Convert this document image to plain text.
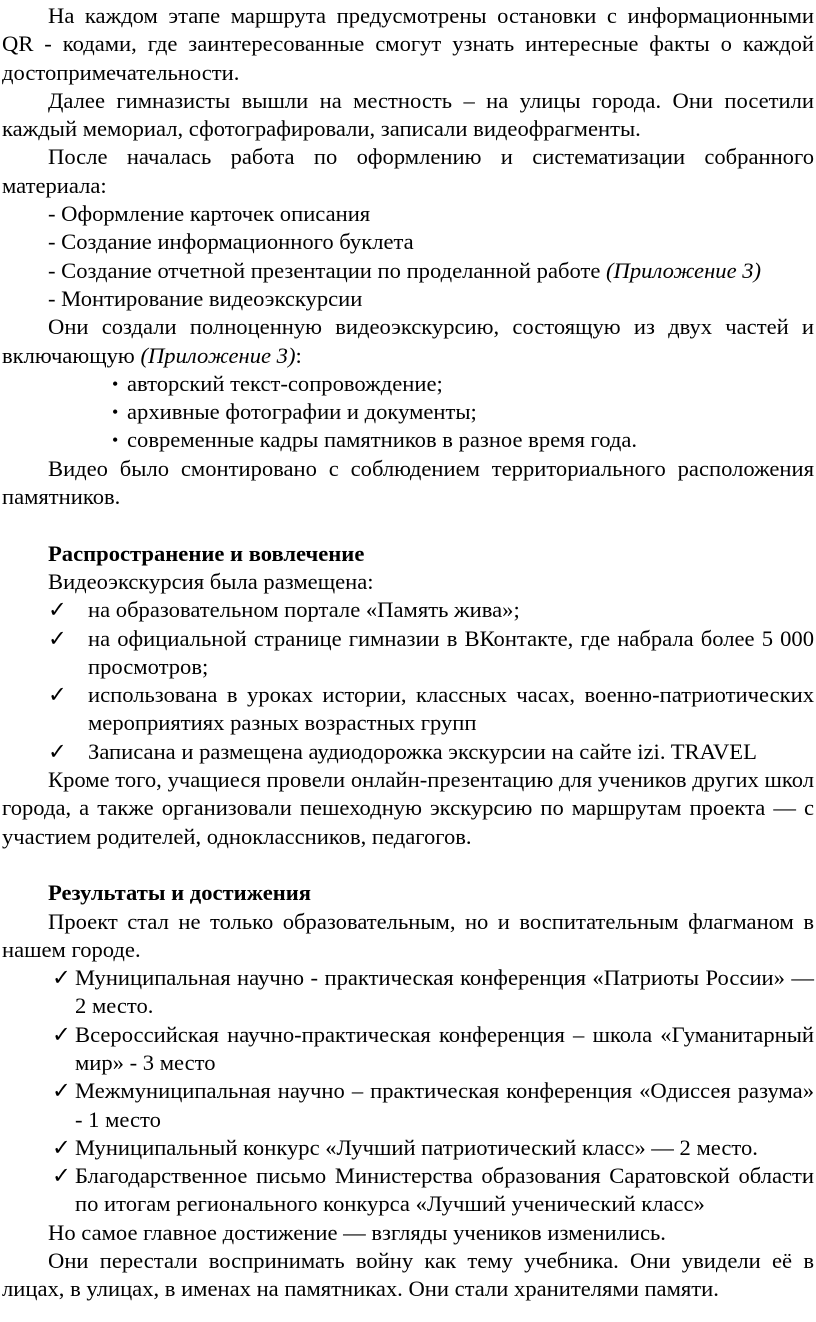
На каждом этапе маршрута предусмотрены остановки с информационными QR - кодами, где заинтересованные смогут узнать интересные факты о каждой достопримечательности.

Далее гимназисты вышли на местность – на улицы города. Они посетили каждый мемориал, сфотографировали, записали видеофрагменты.

После началась работа по оформлению и систематизации собранного материала:

- Оформление карточек описания

- Создание информационного буклета

- Создание отчетной презентации по проделанной работе (Приложение 3)

- Монтирование видеоэкскурсии

Они создали полноценную видеоэкскурсию, состоящую из двух частей и включающую (Приложение 3):

• авторский текст-сопровождение;
• архивные фотографии и документы;
• современные кадры памятников в разное время года.

Видео было смонтировано с соблюдением территориального расположения памятников.

Распространение и вовлечение

Видеоэкскурсия была размещена:

✓ на образовательном портале «Память жива»;
✓ на официальной странице гимназии в ВКонтакте, где набрала более 5 000 просмотров;
✓ использована в уроках истории, классных часах, военно-патриотических мероприятиях разных возрастных групп
✓ Записана и размещена аудиодорожка экскурсии на сайте izi. TRAVEL

Кроме того, учащиеся провели онлайн-презентацию для учеников других школ города, а также организовали пешеходную экскурсию по маршрутам проекта — с участием родителей, одноклассников, педагогов.

Результаты и достижения

Проект стал не только образовательным, но и воспитательным флагманом в нашем городе.

✓ Муниципальная научно - практическая конференция «Патриоты России» — 2 место.
✓ Всероссийская научно-практическая конференция – школа «Гуманитарный мир» - 3 место
✓ Межмуниципальная научно – практическая конференция «Одиссея разума» - 1 место
✓ Муниципальный конкурс «Лучший патриотический класс» — 2 место.
✓ Благодарственное письмо Министерства образования Саратовской области по итогам регионального конкурса «Лучший ученический класс»

Но самое главное достижение — взгляды учеников изменились.

Они перестали воспринимать войну как тему учебника. Они увидели её в лицах, в улицах, в именах на памятниках. Они стали хранителями памяти.
